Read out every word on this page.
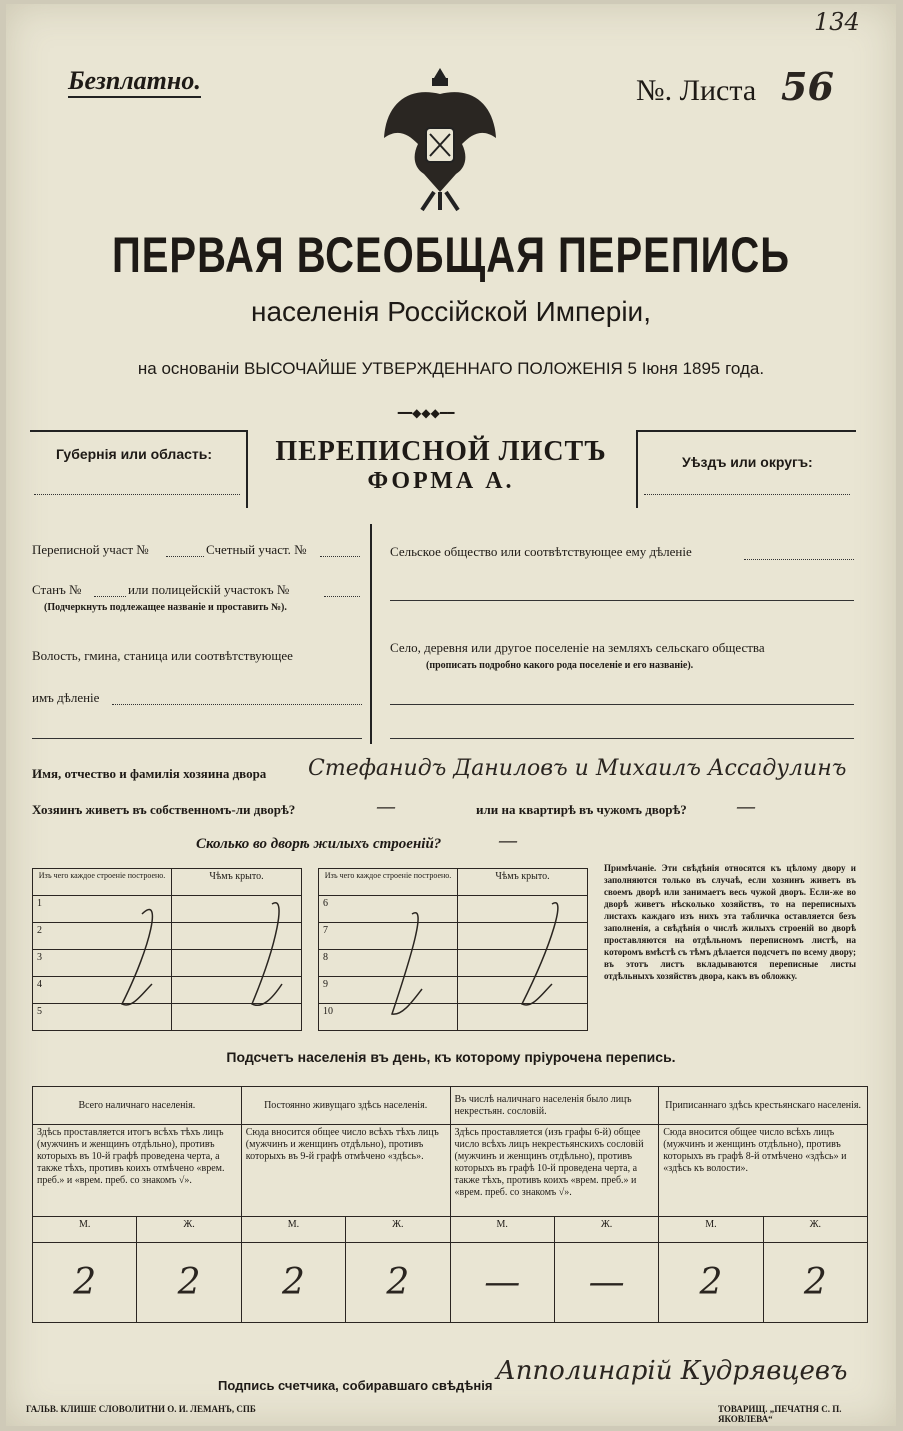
134
Безплатно.	№. Листа 56
ПЕРВАЯ ВСЕОБЩАЯ ПЕРЕПИСЬ
населенія Россійской Имперіи,
на основаніи ВЫСОЧАЙШЕ УТВЕРЖДЕННАГО ПОЛОЖЕНІЯ 5 Іюня 1895 года.
━━◆◆◆━━
Губернія или область:	ПЕРЕПИСНОЙ ЛИСТЪ
ФОРМА А.
Уѣздъ или округъ:
Переписной участ №	Счетный участ. №
Станъ №	или полицейскій участокъ №
(Подчеркнуть подлежащее названіе и проставить №).
Волость, гмина, станица или соотвѣтствующее
имъ дѣленіе
Сельское общество или соотвѣтствующее ему дѣленіе
Село, деревня или другое поселеніе на земляхъ сельскаго общества
(прописать подробно какого рода поселеніе и его названіе).
Имя, отчество и фамилія хозяина двора Стефанидъ Даниловъ и Михаилъ Ассадулинъ
Хозяинъ живетъ въ собственномъ-ли дворѣ?	—	или на квартирѣ въ чужомъ дворѣ? —
Сколько во дворѣ жилыхъ строеній?	—
Изъ чего каждое строеніе построено.	Чѣмъ крыто.
1	
2	
3	
4	
5	
Изъ чего каждое строеніе построено.	Чѣмъ крыто.
6	
7	
8	
9	
10	
Примѣчаніе. Эти свѣдѣнія относятся къ цѣлому двору и заполняются только въ случаѣ, если хозяинъ живетъ въ своемъ дворѣ или занимаетъ весь чужой дворъ. Если-же во дворѣ живетъ нѣсколько хозяйствъ, то на переписныхъ листахъ каждаго изъ нихъ эта табличка оставляется безъ заполненія, а свѣдѣнія о числѣ жилыхъ строеній во дворѣ проставляются на отдѣльномъ переписномъ листѣ, на которомъ вмѣстѣ съ тѣмъ дѣлается подсчетъ по всему двору; въ этотъ листъ вкладываются переписные листы отдѣльныхъ хозяйствъ двора, какъ въ обложку.
Подсчетъ населенія въ день, къ которому пріурочена перепись.
Всего наличнаго населенія.		Постоянно живущаго здѣсь населенія.		Въ числѣ наличнаго населенія было лицъ некрестьян. сословій.		Приписаннаго здѣсь крестьянскаго населенія.	
Здѣсь проставляется итогъ всѣхъ тѣхъ лицъ (мужчинъ и женщинъ отдѣльно), противъ которыхъ въ 10-й графѣ проведена черта, а также тѣхъ, противъ коихъ отмѣчено «врем. преб.» и «врем. преб. со знакомъ √».		Сюда вносится общее число всѣхъ тѣхъ лицъ (мужчинъ и женщинъ отдѣльно), противъ которыхъ въ 9-й графѣ отмѣчено «здѣсь».		Здѣсь проставляется (изъ графы 6-й) общее число всѣхъ лицъ некрестьянскихъ сословій (мужчинъ и женщинъ отдѣльно), противъ которыхъ въ графѣ 10-й проведена черта, а также тѣхъ, противъ коихъ «врем. преб.» и «врем. преб. со знакомъ √».		Сюда вносится общее число всѣхъ лицъ (мужчинъ и женщинъ отдѣльно), противъ которыхъ въ графѣ 8-й отмѣчено «здѣсь» и «здѣсь къ волости».	
М.	Ж.	М.	Ж.	М.	Ж.	М.	Ж.
2	2	2	2	—	—	2	2
Подпись счетчика, собиравшаго свѣдѣнія Апполинарій Кудрявцевъ
ГАЛЬВ. КЛИШЕ СЛОВОЛИТНИ О. И. ЛЕМАНЪ, СПБ	ТОВАРИЩ. „ПЕЧАТНЯ С. П. ЯКОВЛЕВА“
